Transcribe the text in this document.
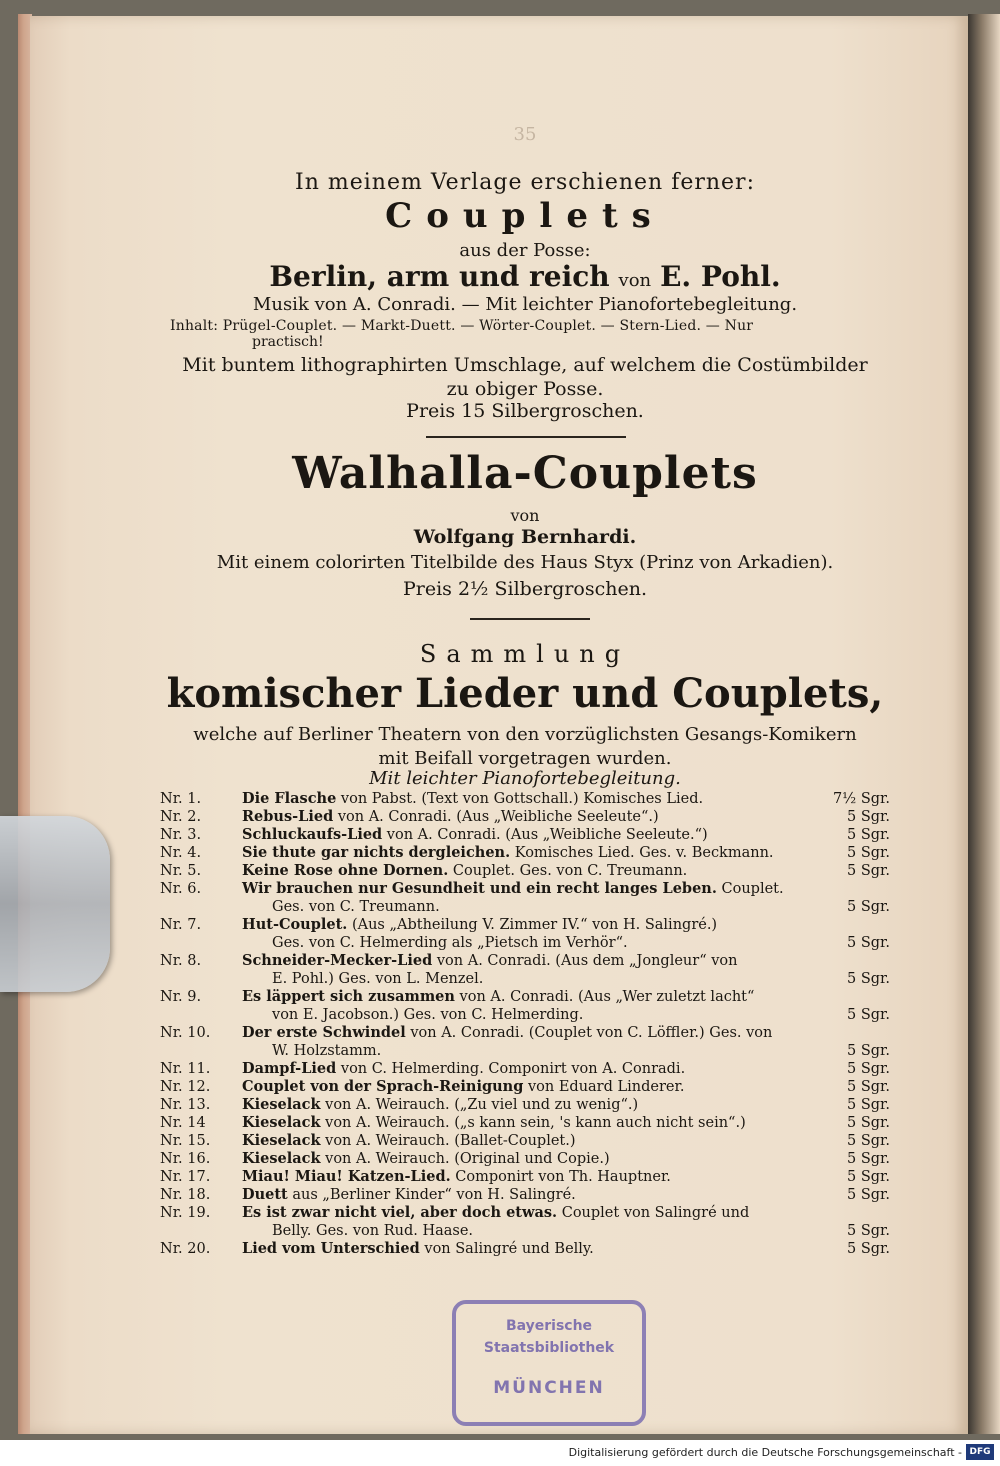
35
In meinem Verlage erschienen ferner:
Couplets
aus der Posse:
Berlin, arm und reich von E. Pohl.
Musik von A. Conradi. — Mit leichter Pianofortebegleitung.
Inhalt: Prügel-Couplet. — Markt-Duett. — Wörter-Couplet. — Stern-Lied. — Nur
practisch!
Mit buntem lithographirten Umschlage, auf welchem die Costümbilder
zu obiger Posse.
Preis 15 Silbergroschen.
Walhalla-Couplets
von
Wolfgang Bernhardi.
Mit einem colorirten Titelbilde des Haus Styx (Prinz von Arkadien).
Preis 2½ Silbergroschen.
Sammlung
komischer Lieder und Couplets,
welche auf Berliner Theatern von den vorzüglichsten Gesangs-Komikern
mit Beifall vorgetragen wurden.
Mit leichter Pianofortebegleitung.
Nr. 1.	Die Flasche von Pabst. (Text von Gottschall.) Komisches Lied.	7½ Sgr.
Nr. 2.	Rebus-Lied von A. Conradi. (Aus „Weibliche Seeleute“.)	5 Sgr.
Nr. 3.	Schluckaufs-Lied von A. Conradi. (Aus „Weibliche Seeleute.“)	5 Sgr.
Nr. 4.	Sie thute gar nichts dergleichen. Komisches Lied. Ges. v. Beckmann.	5 Sgr.
Nr. 5.	Keine Rose ohne Dornen. Couplet. Ges. von C. Treumann.	5 Sgr.
Nr. 6.	Wir brauchen nur Gesundheit und ein recht langes Leben. Couplet.
Ges. von C. Treumann.	5 Sgr.
Nr. 7.	Hut-Couplet. (Aus „Abtheilung V. Zimmer IV.“ von H. Salingré.)
Ges. von C. Helmerding als „Pietsch im Verhör“.	5 Sgr.
Nr. 8.	Schneider-Mecker-Lied von A. Conradi. (Aus dem „Jongleur“ von
E. Pohl.) Ges. von L. Menzel.	5 Sgr.
Nr. 9.	Es läppert sich zusammen von A. Conradi. (Aus „Wer zuletzt lacht“
von E. Jacobson.) Ges. von C. Helmerding.	5 Sgr.
Nr. 10.	Der erste Schwindel von A. Conradi. (Couplet von C. Löffler.) Ges. von
W. Holzstamm.	5 Sgr.
Nr. 11.	Dampf-Lied von C. Helmerding. Componirt von A. Conradi.	5 Sgr.
Nr. 12.	Couplet von der Sprach-Reinigung von Eduard Linderer.	5 Sgr.
Nr. 13.	Kieselack von A. Weirauch. („Zu viel und zu wenig“.)	5 Sgr.
Nr. 14	Kieselack von A. Weirauch. („s kann sein, 's kann auch nicht sein“.)	5 Sgr.
Nr. 15.	Kieselack von A. Weirauch. (Ballet-Couplet.)	5 Sgr.
Nr. 16.	Kieselack von A. Weirauch. (Original und Copie.)	5 Sgr.
Nr. 17.	Miau! Miau! Katzen-Lied. Componirt von Th. Hauptner.	5 Sgr.
Nr. 18.	Duett aus „Berliner Kinder“ von H. Salingré.	5 Sgr.
Nr. 19.	Es ist zwar nicht viel, aber doch etwas. Couplet von Salingré und
Belly. Ges. von Rud. Haase.	5 Sgr.
Nr. 20.	Lied vom Unterschied von Salingré und Belly.	5 Sgr.
Bayerische
Staatsbibliothek
MÜNCHEN
Digitalisierung gefördert durch die Deutsche Forschungsgemeinschaft - DFG
